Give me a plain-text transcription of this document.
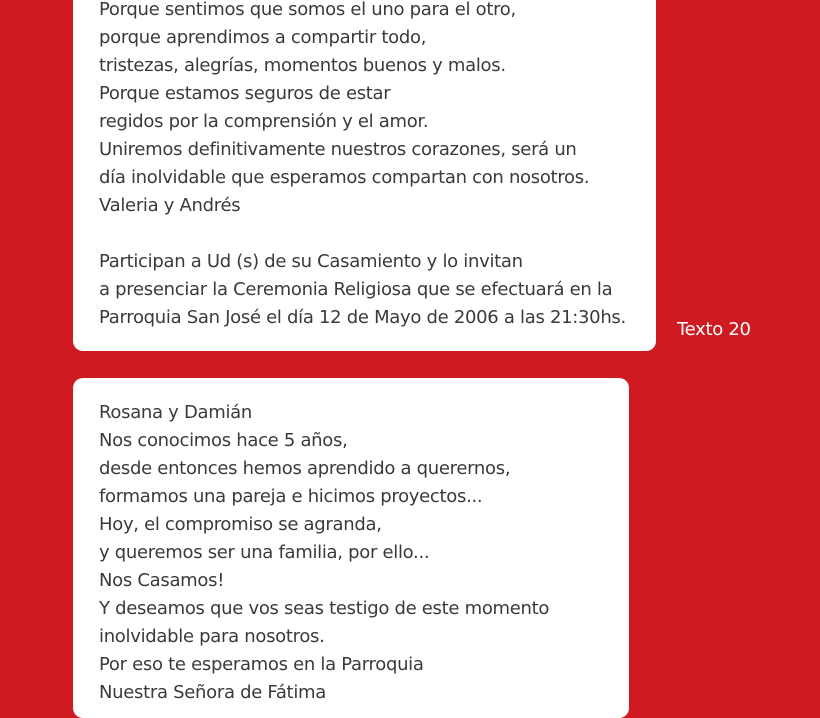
Porque sentimos que somos el uno para el otro,
porque aprendimos a compartir todo,
tristezas, alegrías, momentos buenos y malos.
Porque estamos seguros de estar
regidos por la comprensión y el amor.
Uniremos definitivamente nuestros corazones, será un
día inolvidable que esperamos compartan con nosotros.
Valeria y Andrés
Participan a Ud (s) de su Casamiento y lo invitan
a presenciar la Ceremonia Religiosa que se efectuará en la
Parroquia San José el día 12 de Mayo de 2006 a las 21:30hs.
Texto 20
Rosana y Damián
Nos conocimos hace 5 años,
desde entonces hemos aprendido a querernos,
formamos una pareja e hicimos proyectos...
Hoy, el compromiso se agranda,
y queremos ser una familia, por ello...
Nos Casamos!
Y deseamos que vos seas testigo de este momento
inolvidable para nosotros.
Por eso te esperamos en la Parroquia
Nuestra Señora de Fátima
